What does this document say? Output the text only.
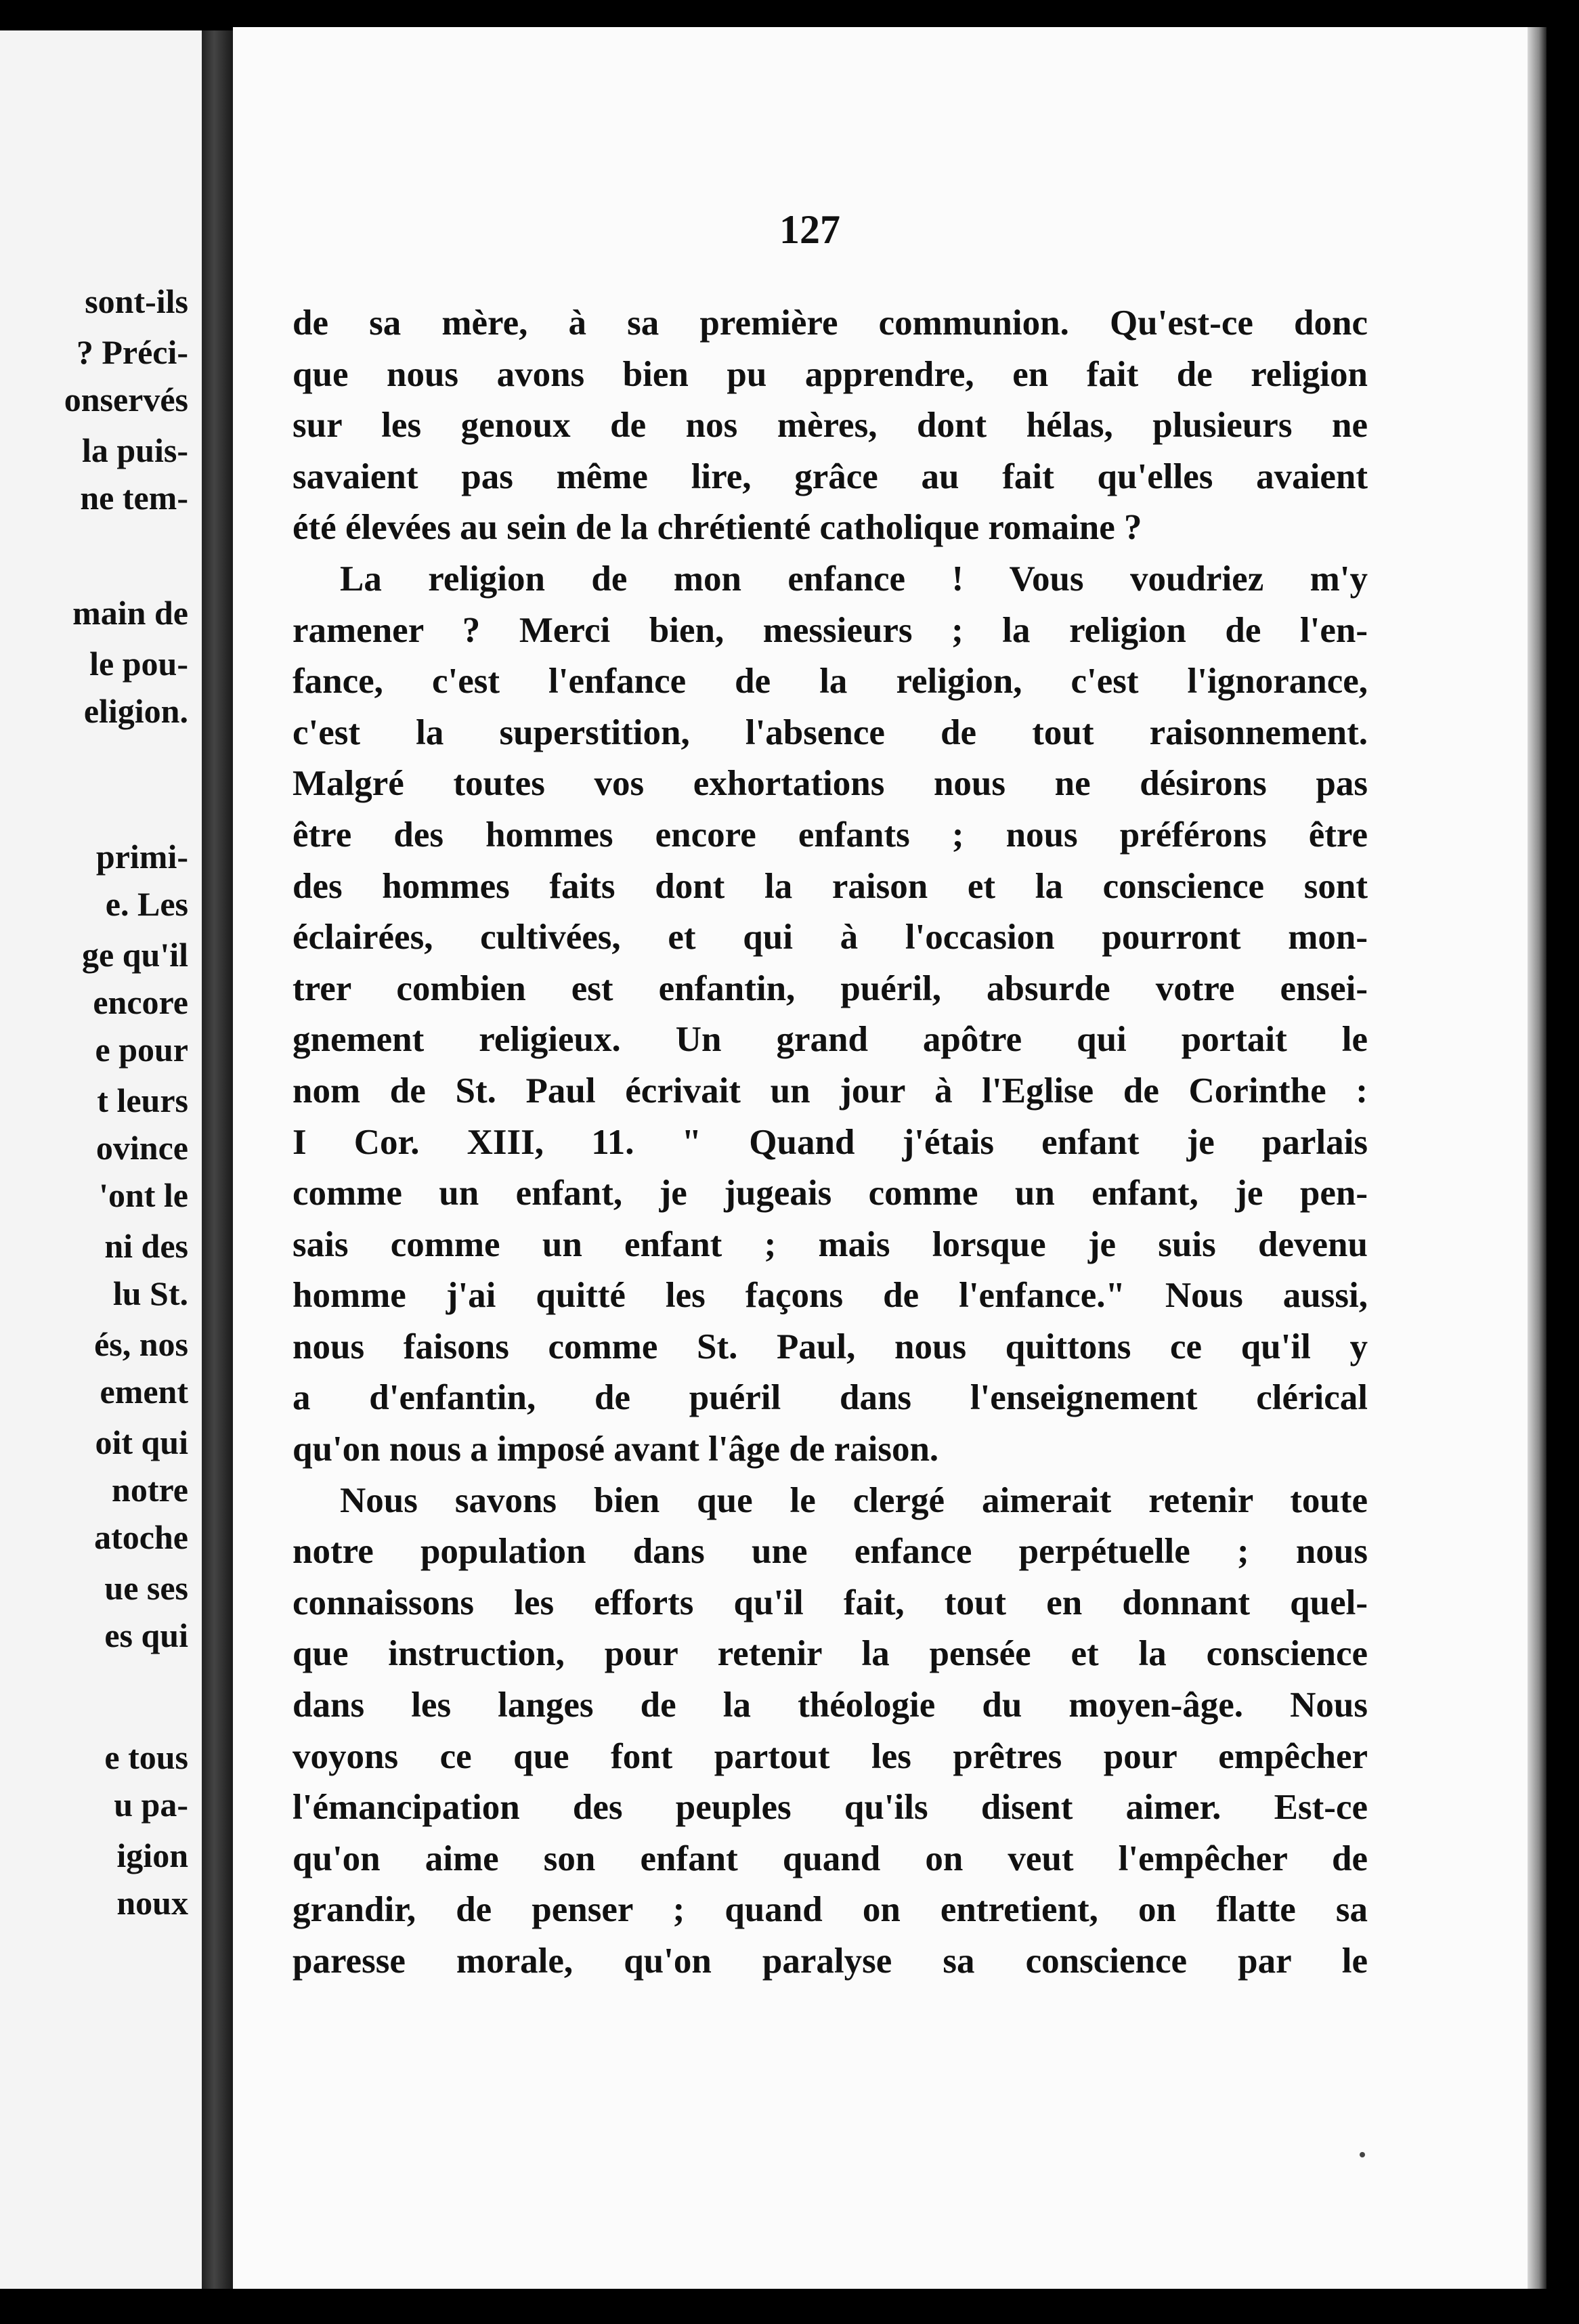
sont-ils
? Préci-
onservés
la puis-
ne tem-
main de
le pou-
eligion.
primi-
e. Les
ge qu'il
encore
e pour
t leurs
ovince
'ont le
ni des
lu St.
és, nos
ement
oit qui
notre
atoche
ue ses
es qui
e tous
u pa-
igion
noux
127
de sa mère, à sa première communion. Qu'est-ce donc
que nous avons bien pu apprendre, en fait de religion
sur les genoux de nos mères, dont hélas, plusieurs ne
savaient pas même lire, grâce au fait qu'elles avaient
été élevées au sein de la chrétienté catholique romaine ?
La religion de mon enfance ! Vous voudriez m'y
ramener ? Merci bien, messieurs ; la religion de l'en-
fance, c'est l'enfance de la religion, c'est l'ignorance,
c'est la superstition, l'absence de tout raisonnement.
Malgré toutes vos exhortations nous ne désirons pas
être des hommes encore enfants ; nous préférons être
des hommes faits dont la raison et la conscience sont
éclairées, cultivées, et qui à l'occasion pourront mon-
trer combien est enfantin, puéril, absurde votre ensei-
gnement religieux. Un grand apôtre qui portait le
nom de St. Paul écrivait un jour à l'Eglise de Corinthe :
I Cor. XIII, 11. " Quand j'étais enfant je parlais
comme un enfant, je jugeais comme un enfant, je pen-
sais comme un enfant ; mais lorsque je suis devenu
homme j'ai quitté les façons de l'enfance." Nous aussi,
nous faisons comme St. Paul, nous quittons ce qu'il y
a d'enfantin, de puéril dans l'enseignement clérical
qu'on nous a imposé avant l'âge de raison.
Nous savons bien que le clergé aimerait retenir toute
notre population dans une enfance perpétuelle ; nous
connaissons les efforts qu'il fait, tout en donnant quel-
que instruction, pour retenir la pensée et la conscience
dans les langes de la théologie du moyen-âge. Nous
voyons ce que font partout les prêtres pour empêcher
l'émancipation des peuples qu'ils disent aimer. Est-ce
qu'on aime son enfant quand on veut l'empêcher de
grandir, de penser ; quand on entretient, on flatte sa
paresse morale, qu'on paralyse sa conscience par le
